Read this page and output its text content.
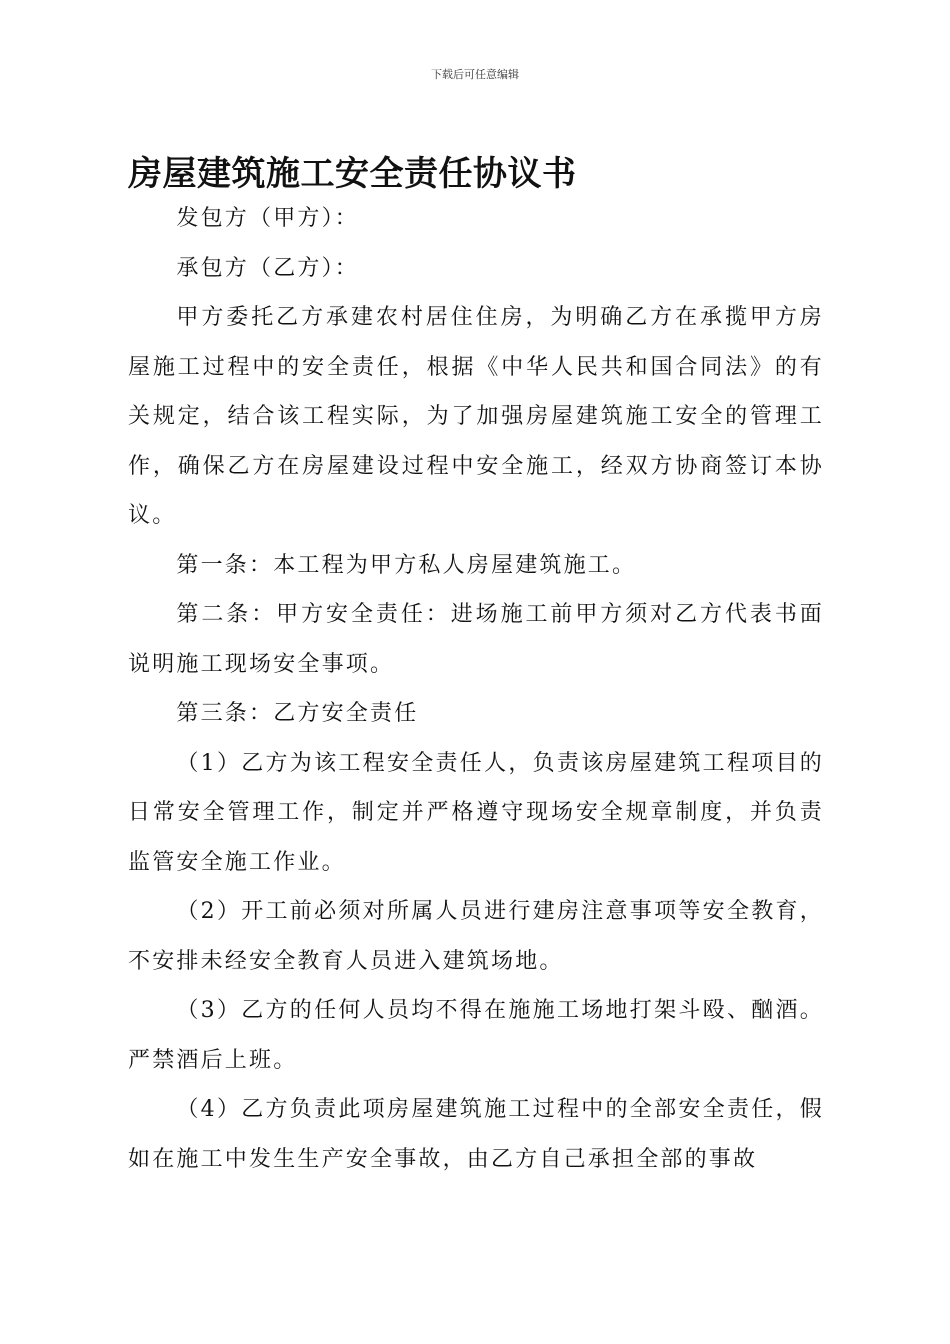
下载后可任意编辑
房屋建筑施工安全责任协议书

发包方（甲方）：

承包方（乙方）：

甲方委托乙方承建农村居住住房，为明确乙方在承揽甲方房屋施工过程中的安全责任，根据《中华人民共和国合同法》的有关规定，结合该工程实际，为了加强房屋建筑施工安全的管理工作，确保乙方在房屋建设过程中安全施工，经双方协商签订本协议。

第一条：本工程为甲方私人房屋建筑施工。

第二条：甲方安全责任：进场施工前甲方须对乙方代表书面说明施工现场安全事项。

第三条：乙方安全责任

（1）乙方为该工程安全责任人，负责该房屋建筑工程项目的日常安全管理工作，制定并严格遵守现场安全规章制度，并负责监管安全施工作业。

（2）开工前必须对所属人员进行建房注意事项等安全教育，不安排未经安全教育人员进入建筑场地。

（3）乙方的任何人员均不得在施施工场地打架斗殴、酗酒。严禁酒后上班。

（4）乙方负责此项房屋建筑施工过程中的全部安全责任，假如在施工中发生生产安全事故，由乙方自己承担全部的事故
